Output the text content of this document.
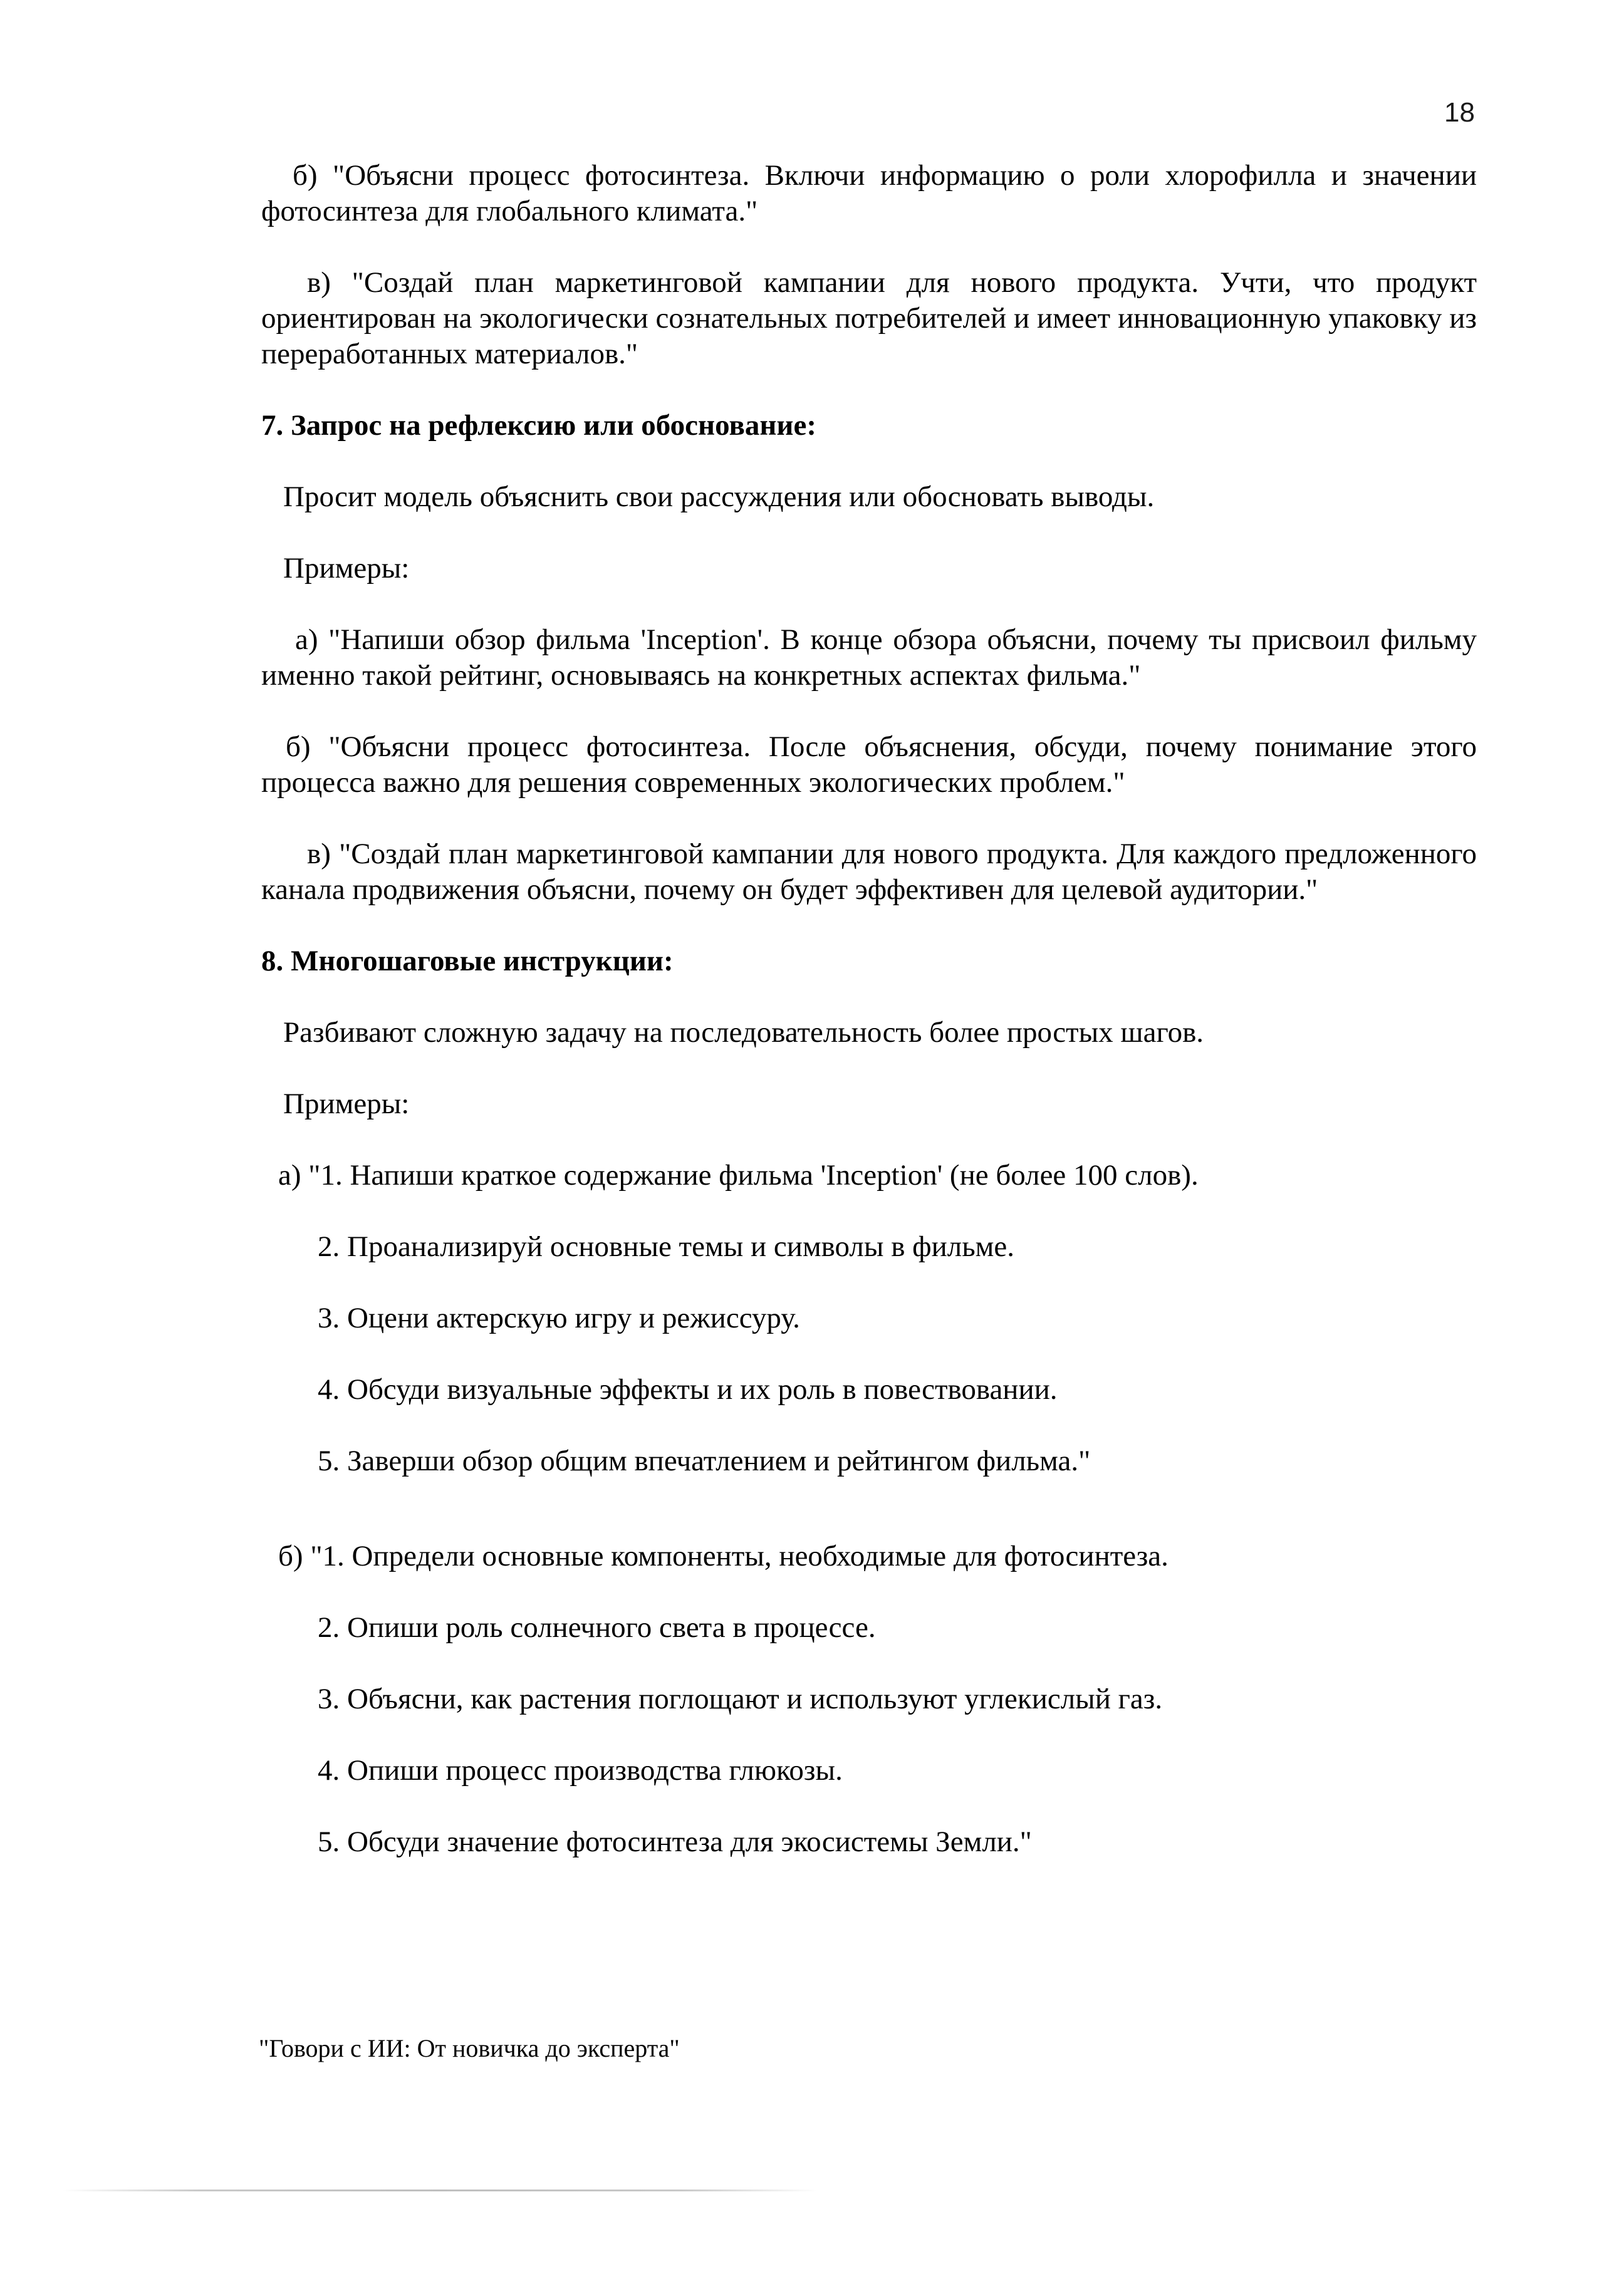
18

б) "Объясни процесс фотосинтеза. Включи информацию о роли хлорофилла и значении фотосинтеза для глобального климата."

в) "Создай план маркетинговой кампании для нового продукта. Учти, что продукт ориентирован на экологически сознательных потребителей и имеет инновационную упаковку из переработанных материалов."

7. Запрос на рефлексию или обоснование:

Просит модель объяснить свои рассуждения или обосновать выводы.

Примеры:

а) "Напиши обзор фильма 'Inception'. В конце обзора объясни, почему ты присвоил фильму именно такой рейтинг, основываясь на конкретных аспектах фильма."

б) "Объясни процесс фотосинтеза. После объяснения, обсуди, почему понимание этого процесса важно для решения современных экологических проблем."

в) "Создай план маркетинговой кампании для нового продукта. Для каждого предложенного канала продвижения объясни, почему он будет эффективен для целевой аудитории."

8. Многошаговые инструкции:

Разбивают сложную задачу на последовательность более простых шагов.

Примеры:

а) "1. Напиши краткое содержание фильма 'Inception' (не более 100 слов).

2. Проанализируй основные темы и символы в фильме.

3. Оцени актерскую игру и режиссуру.

4. Обсуди визуальные эффекты и их роль в повествовании.

5. Заверши обзор общим впечатлением и рейтингом фильма."

б) "1. Определи основные компоненты, необходимые для фотосинтеза.

2. Опиши роль солнечного света в процессе.

3. Объясни, как растения поглощают и используют углекислый газ.

4. Опиши процесс производства глюкозы.

5. Обсуди значение фотосинтеза для экосистемы Земли."

"Говори с ИИ: От новичка до эксперта"
